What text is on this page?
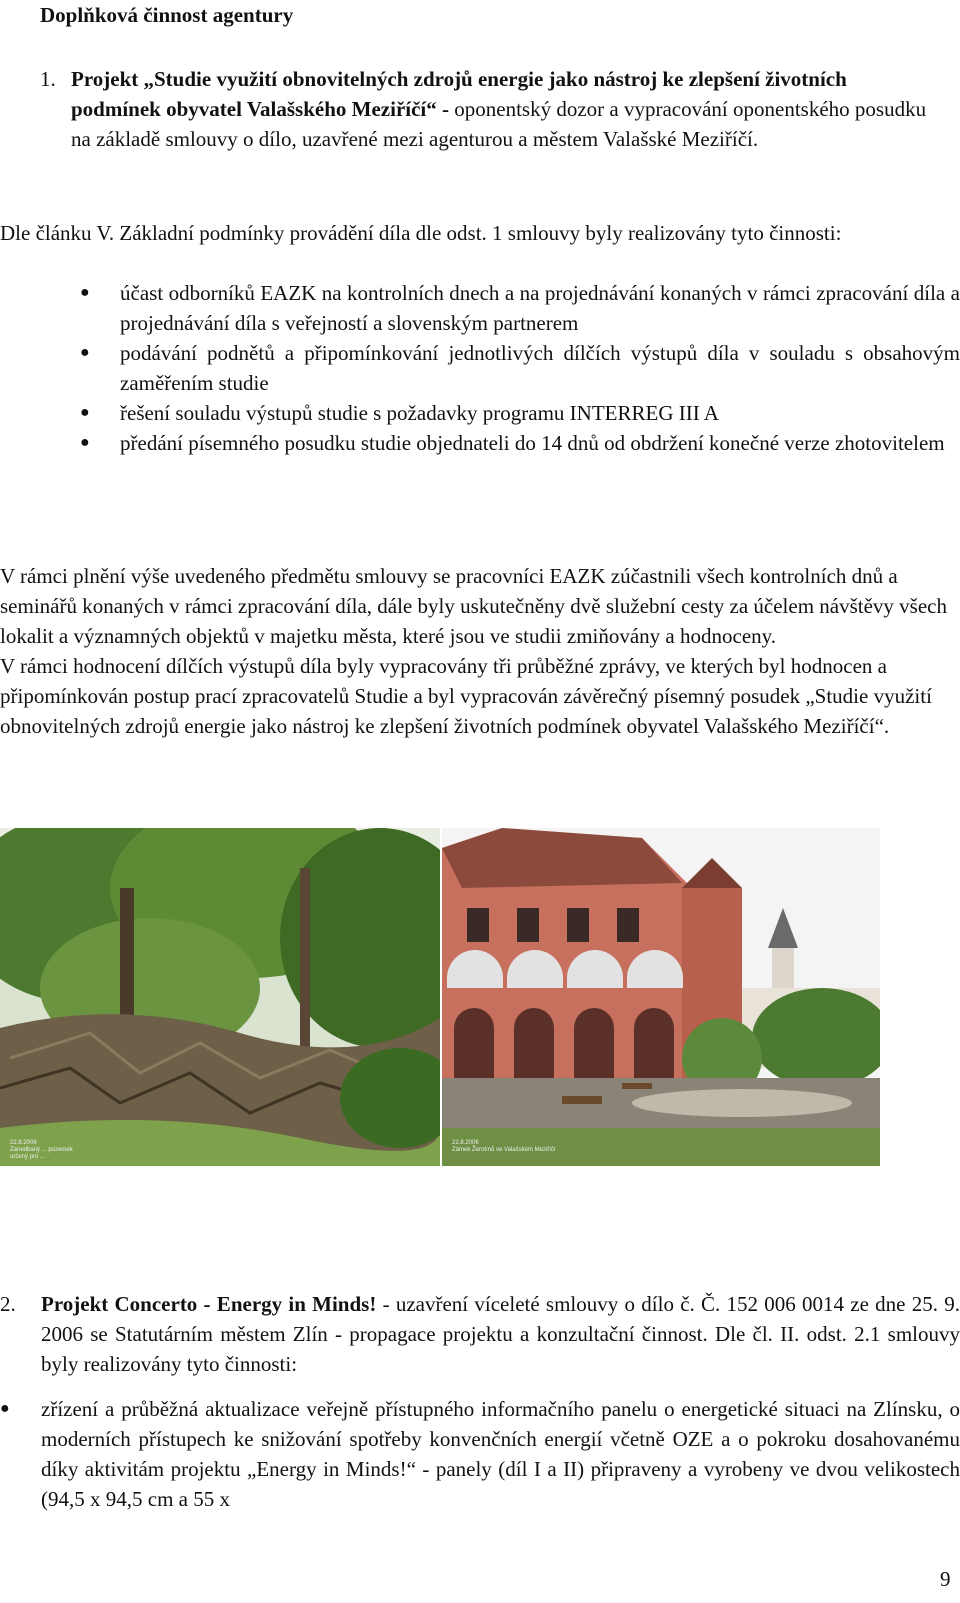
Doplňková činnost agentury
1. Projekt „Studie využití obnovitelných zdrojů energie jako nástroj ke zlepšení životních podmínek obyvatel Valašského Meziříčí“ - oponentský dozor a vypracování oponentského posudku na základě smlouvy o dílo, uzavřené mezi agenturou a městem Valašské Meziříčí.
Dle článku V. Základní podmínky provádění díla dle odst. 1 smlouvy byly realizovány tyto činnosti:
● účast odborníků EAZK na kontrolních dnech a na projednávání konaných v rámci zpracování díla a projednávání díla s veřejností a slovenským partnerem
● podávání podnětů a připomínkování jednotlivých dílčích výstupů díla v souladu s obsahovým zaměřením studie
● řešení souladu výstupů studie s požadavky programu INTERREG III A
● předání písemného posudku studie objednateli do 14 dnů od obdržení konečné verze zhotovitelem
V rámci plnění výše uvedeného předmětu smlouvy se pracovníci EAZK zúčastnili všech kontrolních dnů a seminářů konaných v rámci zpracování díla, dále byly uskutečněny dvě služební cesty za účelem návštěvy všech lokalit a významných objektů v majetku města, které jsou ve studii zmiňovány a hodnoceny.
V rámci hodnocení dílčích výstupů díla byly vypracovány tři průběžné zprávy, ve kterých byl hodnocen a připomínkován postup prací zpracovatelů Studie a byl vypracován závěrečný písemný posudek „Studie využití obnovitelných zdrojů energie jako nástroj ke zlepšení životních podmínek obyvatel Valašského Meziříčí“.
22.8.2006
Zanedbaný ... pozemek
určený pro ...
22.8.2006
Zámek Žerotínů ve Valašském Meziříčí
2. Projekt Concerto - Energy in Minds! - uzavření víceleté smlouvy o dílo č. Č. 152 006 0014 ze dne 25. 9. 2006 se Statutárním městem Zlín - propagace projektu a konzultační činnost. Dle čl. II. odst. 2.1 smlouvy byly realizovány tyto činnosti:
● zřízení a průběžná aktualizace veřejně přístupného informačního panelu o energetické situaci na Zlínsku, o moderních přístupech ke snižování spotřeby konvenčních energií včetně OZE a o pokroku dosahovanému díky aktivitám projektu „Energy in Minds!“ - panely (díl I a II) připraveny a vyrobeny ve dvou velikostech (94,5 x 94,5 cm a 55 x
9
